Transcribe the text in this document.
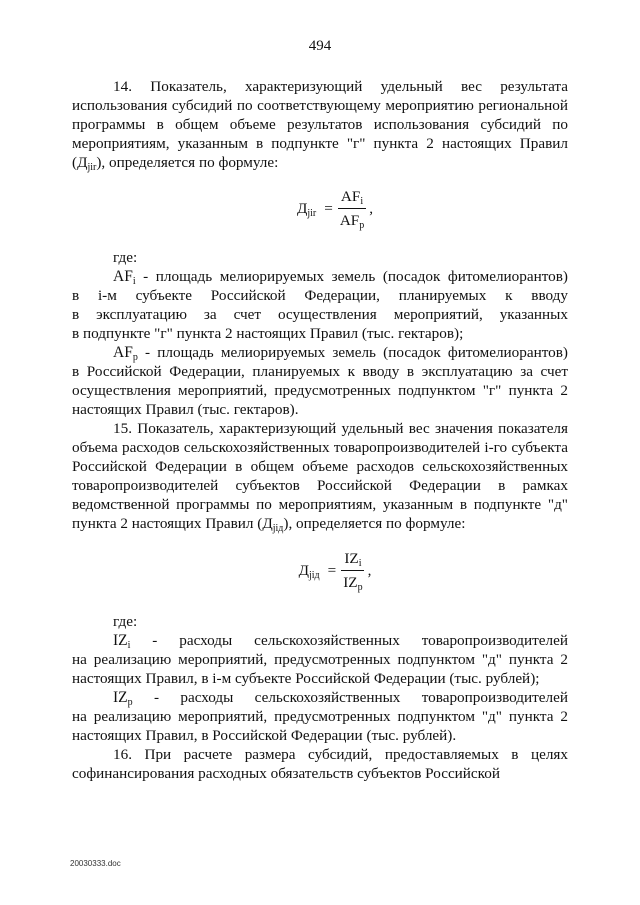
494

14. Показатель, характеризующий удельный вес результата использования субсидий по соответствующему мероприятию региональной программы в общем объеме результатов использования субсидий по мероприятиям, указанным в подпункте "г" пункта 2 настоящих Правил $(Д_{jir})$, определяется по формуле:

$Д_{jir} = \frac{AF_i}{AF_p}$ ,

где:

$AF_i$ - площадь мелиорируемых земель (посадок фитомелиорантов)

в i-м субъекте Российской Федерации, планируемых к вводу

в эксплуатацию за счет осуществления мероприятий, указанных

в подпункте "г" пункта 2 настоящих Правил (тыс. гектаров);

$AF_p$ - площадь мелиорируемых земель (посадок фитомелиорантов)

в Российской Федерации, планируемых к вводу в эксплуатацию за счет осуществления мероприятий, предусмотренных подпунктом "г" пункта 2 настоящих Правил (тыс. гектаров).

15. Показатель, характеризующий удельный вес значения показателя объема расходов сельскохозяйственных товаропроизводителей i-го субъекта Российской Федерации в общем объеме расходов сельскохозяйственных товаропроизводителей субъектов Российской Федерации в рамках ведомственной программы по мероприятиям, указанным в подпункте "д" пункта 2 настоящих Правил $(Д_{jiд})$, определяется по формуле:

$Д_{jiд} = \frac{IZ_i}{IZ_p}$ ,

где:

$IZ_i$ - расходы сельскохозяйственных товаропроизводителей

на реализацию мероприятий, предусмотренных подпунктом "д" пункта 2 настоящих Правил, в i-м субъекте Российской Федерации (тыс. рублей);

$IZ_p$ - расходы сельскохозяйственных товаропроизводителей

на реализацию мероприятий, предусмотренных подпунктом "д" пункта 2 настоящих Правил, в Российской Федерации (тыс. рублей).

16. При расчете размера субсидий, предоставляемых в целях софинансирования расходных обязательств субъектов Российской

20030333.doc
